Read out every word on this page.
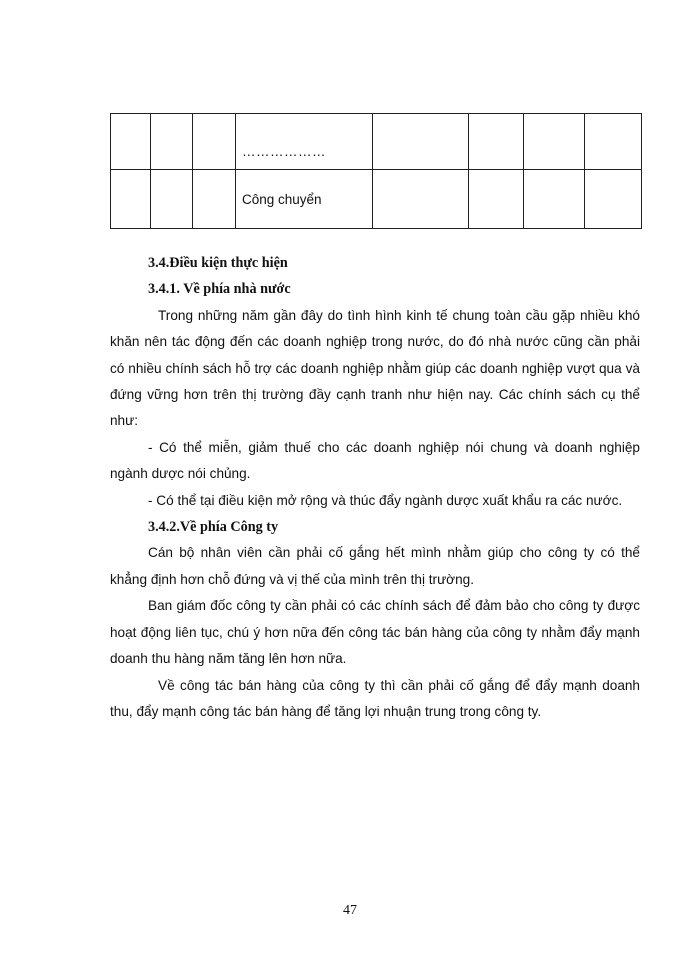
			………………				
			Công chuyển				

3.4.Điều kiện thực hiện

3.4.1. Về phía nhà nước

Trong những năm gần đây do tình hình kinh tế chung toàn cầu gặp nhiều khó khăn nên tác động đến các doanh nghiệp trong nước, do đó nhà nước cũng cần phải có nhiều chính sách hỗ trợ các doanh nghiệp nhằm giúp các doanh nghiệp vượt qua và đứng vững hơn trên thị trường đầy cạnh tranh như hiện nay. Các chính sách cụ thể như:

- Có thể miễn, giảm thuế cho các doanh nghiệp nói chung và doanh nghiệp ngành dược nói chủng.

- Có thể tại điều kiện mở rộng và thúc đẩy ngành dược xuất khẩu ra các nước.

3.4.2.Về phía Công ty

Cán bộ nhân viên cần phải cố gắng hết mình nhằm giúp cho công ty có thể khẳng định hơn chỗ đứng và vị thế của mình trên thị trường.

Ban giám đốc công ty cần phải có các chính sách để đảm bảo cho công ty được hoạt động liên tục, chú ý hơn nữa đến công tác bán hàng của công ty nhằm đẩy mạnh doanh thu hàng năm tăng lên hơn nữa.

Về công tác bán hàng của công ty thì cần phải cố gắng để đẩy mạnh doanh thu, đẩy mạnh công tác bán hàng để tăng lợi nhuận trung trong công ty.

47
